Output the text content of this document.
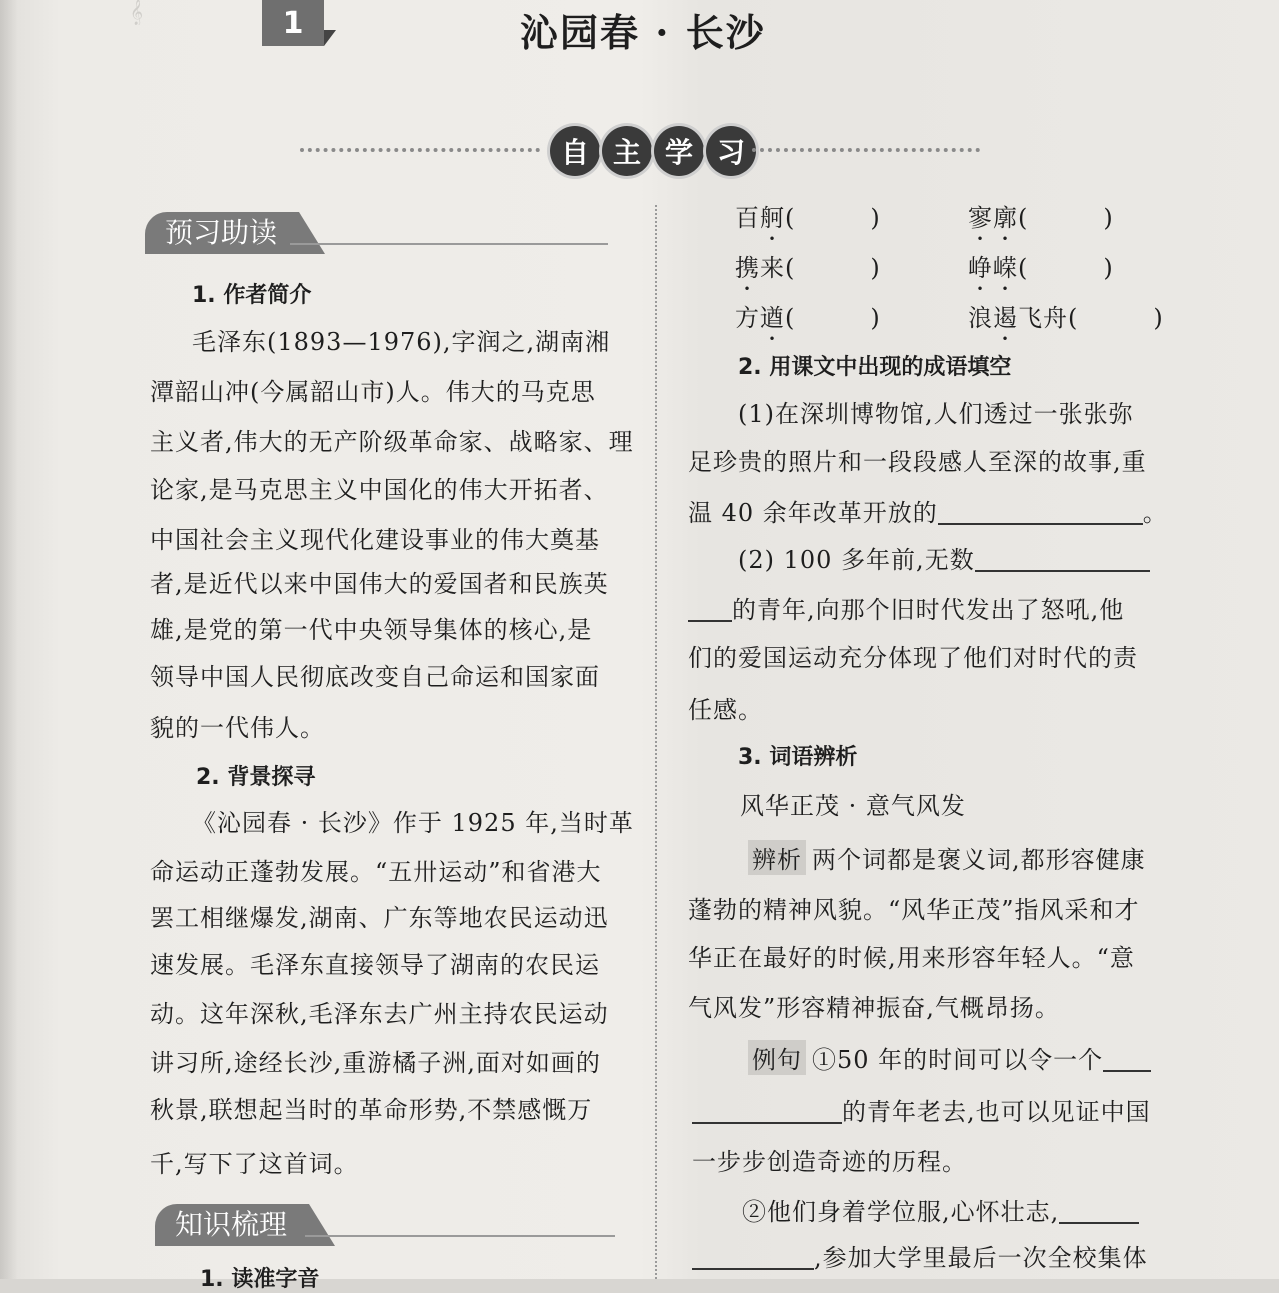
𝄞	1	沁园春 · 长沙
自 主 学 习
预习助读
1. 作者简介
毛泽东(1893—1976),字润之,湖南湘
潭韶山冲(今属韶山市)人。伟大的马克思
主义者,伟大的无产阶级革命家、战略家、理
论家,是马克思主义中国化的伟大开拓者、
中国社会主义现代化建设事业的伟大奠基
者,是近代以来中国伟大的爱国者和民族英
雄,是党的第一代中央领导集体的核心,是
领导中国人民彻底改变自己命运和国家面
貌的一代伟人。
2. 背景探寻
《沁园春 · 长沙》作于 1925 年,当时革
命运动正蓬勃发展。“五卅运动”和省港大
罢工相继爆发,湖南、广东等地农民运动迅
速发展。毛泽东直接领导了湖南的农民运
动。这年深秋,毛泽东去广州主持农民运动
讲习所,途经长沙,重游橘子洲,面对如画的
秋景,联想起当时的革命形势,不禁感慨万
千,写下了这首词。
知识梳理
1. 读准字音
百舸(　　　)	寥廓(　　　)
携来(　　　)	峥嵘(　　　)
方遒(　　　)	浪遏飞舟(　　　)
2. 用课文中出现的成语填空
(1)在深圳博物馆,人们透过一张张弥
足珍贵的照片和一段段感人至深的故事,重
温 40 余年改革开放的	。
(2) 100 多年前,无数
的青年,向那个旧时代发出了怒吼,他
们的爱国运动充分体现了他们对时代的责
任感。
3. 词语辨析
风华正茂 · 意气风发
辨析 两个词都是褒义词,都形容健康
蓬勃的精神风貌。“风华正茂”指风采和才
华正在最好的时候,用来形容年轻人。“意
气风发”形容精神振奋,气概昂扬。
例句 ①50 年的时间可以令一个
的青年老去,也可以见证中国
一步步创造奇迹的历程。
②他们身着学位服,心怀壮志,
,参加大学里最后一次全校集体
